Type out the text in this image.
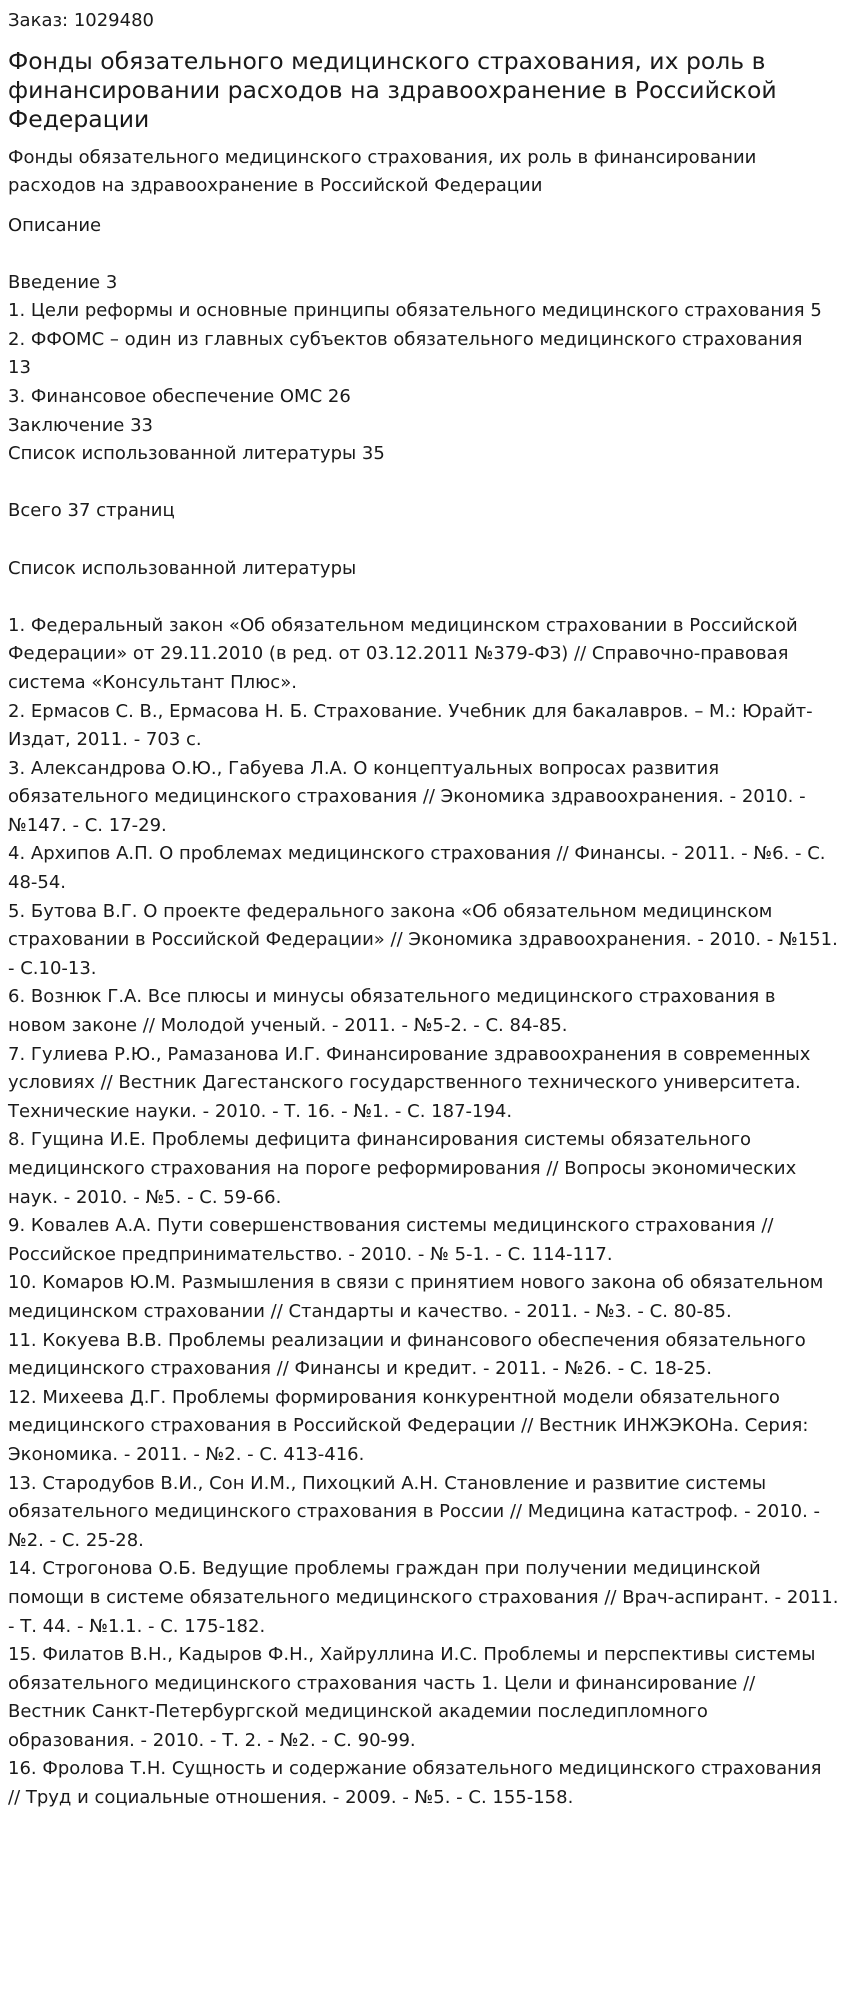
Заказ: 1029480
Фонды обязательного медицинского страхования, их роль в финансировании расходов на здравоохранение в Российской Федерации
Фонды обязательного медицинского страхования, их роль в финансировании расходов на здравоохранение в Российской Федерации
Описание
Введение 3
1. Цели реформы и основные принципы обязательного медицинского страхования 5
2. ФФОМС – один из главных субъектов обязательного медицинского страхования
13
3. Финансовое обеспечение ОМС 26
Заключение 33
Список использованной литературы 35
Всего 37 страниц
Список использованной литературы
1. Федеральный закон «Об обязательном медицинском страховании в Российской Федерации» от 29.11.2010 (в ред. от 03.12.2011 №379-ФЗ) // Справочно-правовая система «Консультант Плюс».
2. Ермасов С. В., Ермасова Н. Б. Страхование. Учебник для бакалавров. – М.: Юрайт-Издат, 2011. - 703 с.
3. Александрова О.Ю., Габуева Л.А. О концептуальных вопросах развития обязательного медицинского страхования // Экономика здравоохранения. - 2010. - №147. - С. 17-29.
4. Архипов А.П. О проблемах медицинского страхования // Финансы. - 2011. - №6. - С. 48-54.
5. Бутова В.Г. О проекте федерального закона «Об обязательном медицинском страховании в Российской Федерации» // Экономика здравоохранения. - 2010. - №151. - С.10-13.
6. Вознюк Г.А. Все плюсы и минусы обязательного медицинского страхования в новом законе // Молодой ученый. - 2011. - №5-2. - С. 84-85.
7. Гулиева Р.Ю., Рамазанова И.Г. Финансирование здравоохранения в современных условиях // Вестник Дагестанского государственного технического университета. Технические науки. - 2010. - Т. 16. - №1. - С. 187-194.
8. Гущина И.Е. Проблемы дефицита финансирования системы обязательного медицинского страхования на пороге реформирования // Вопросы экономических наук. - 2010. - №5. - С. 59-66.
9. Ковалев А.А. Пути совершенствования системы медицинского страхования // Российское предпринимательство. - 2010. - № 5-1. - С. 114-117.
10. Комаров Ю.М. Размышления в связи с принятием нового закона об обязательном медицинском страховании // Стандарты и качество. - 2011. - №3. - С. 80-85.
11. Кокуева В.В. Проблемы реализации и финансового обеспечения обязательного медицинского страхования // Финансы и кредит. - 2011. - №26. - С. 18-25.
12. Михеева Д.Г. Проблемы формирования конкурентной модели обязательного медицинского страхования в Российской Федерации // Вестник ИНЖЭКОНа. Серия: Экономика. - 2011. - №2. - С. 413-416.
13. Стародубов В.И., Сон И.М., Пихоцкий А.Н. Становление и развитие системы обязательного медицинского страхования в России // Медицина катастроф. - 2010. - №2. - С. 25-28.
14. Строгонова О.Б. Ведущие проблемы граждан при получении медицинской помощи в системе обязательного медицинского страхования // Врач-аспирант. - 2011. - Т. 44. - №1.1. - С. 175-182.
15. Филатов В.Н., Кадыров Ф.Н., Хайруллина И.С. Проблемы и перспективы системы обязательного медицинского страхования часть 1. Цели и финансирование // Вестник Санкт-Петербургской медицинской академии последипломного образования. - 2010. - Т. 2. - №2. - С. 90-99.
16. Фролова Т.Н. Сущность и содержание обязательного медицинского страхования // Труд и социальные отношения. - 2009. - №5. - С. 155-158.
